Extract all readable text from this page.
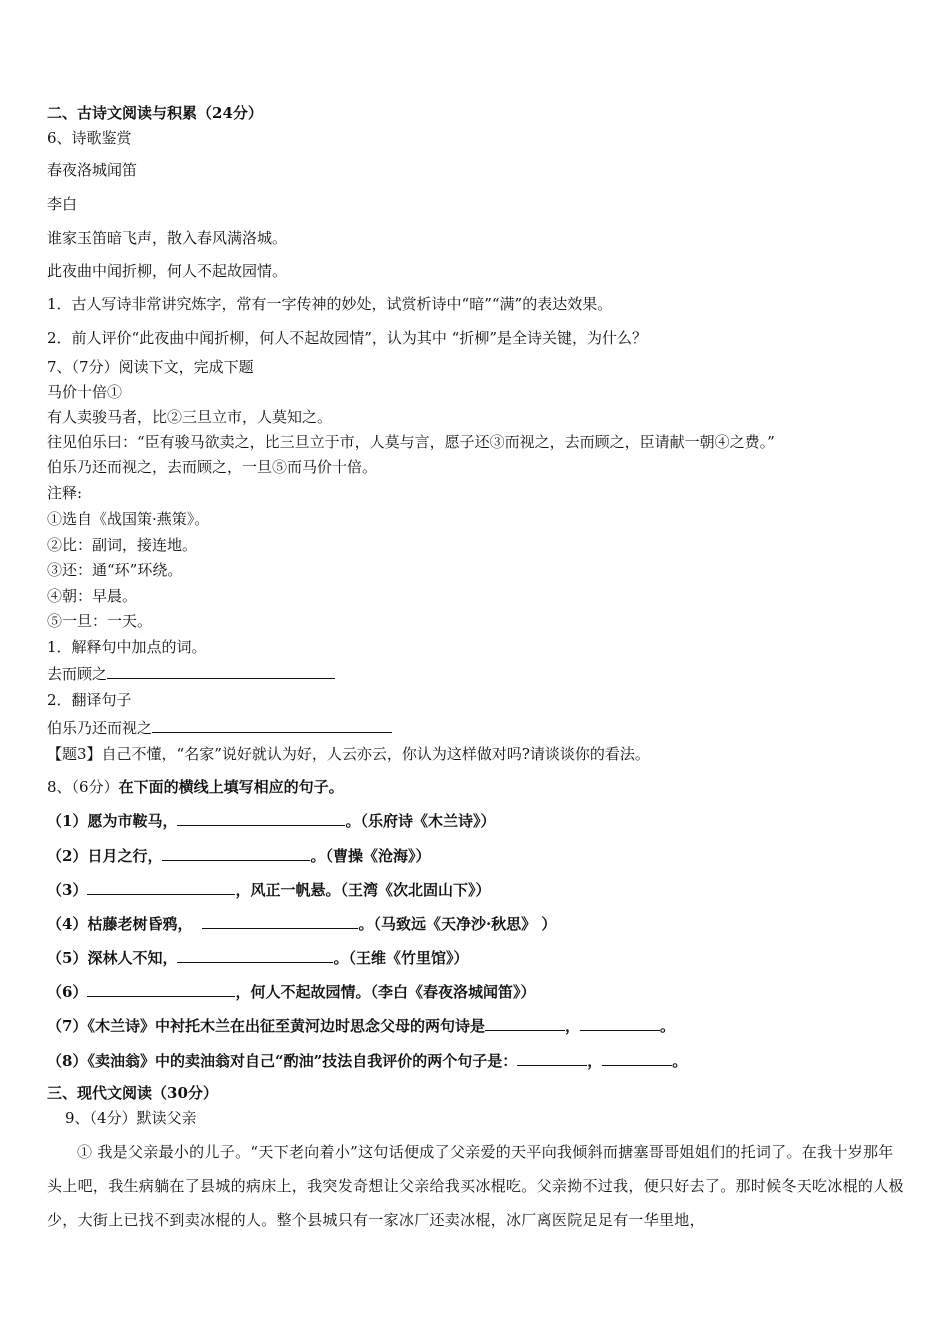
二、古诗文阅读与积累（24分）
6、诗歌鉴赏
春夜洛城闻笛
李白
谁家玉笛暗飞声，散入春风满洛城。
此夜曲中闻折柳，何人不起故园情。
1．古人写诗非常讲究炼字，常有一字传神的妙处，试赏析诗中“暗”“满”的表达效果。
2．前人评价“此夜曲中闻折柳，何人不起故园情”，认为其中 “折柳”是全诗关键，为什么？
7、（7分）阅读下文，完成下题
马价十倍①
有人卖骏马者，比②三旦立市，人莫知之。
往见伯乐曰：“臣有骏马欲卖之，比三旦立于市，人莫与言，愿子还③而视之，去而顾之，臣请献一朝④之费。”
伯乐乃还而视之，去而顾之，一旦⑤而马价十倍。
注释:
①选自《战国策·燕策》。
②比：副词，接连地。
③还：通“环”环绕。
④朝：早晨。
⑤一旦：一天。
1．解释句中加点的词。
去而顾之
2．翻译句子
伯乐乃还而视之
【题3】自己不懂，“名家”说好就认为好，人云亦云，你认为这样做对吗?请谈谈你的看法。
8、（6分）在下面的横线上填写相应的句子。
（1）愿为市鞍马，	。（乐府诗《木兰诗》）
（2）日月之行，	。（曹操《沧海》）
（3）	，风正一帆悬。（王湾《次北固山下》）
（4）枯藤老树昏鸦，	。（马致远《天净沙·秋思》 ）
（5）深林人不知，	。（王维《竹里馆》）
（6）	，何人不起故园情。（李白《春夜洛城闻笛》）
（7）《木兰诗》中衬托木兰在出征至黄河边时思念父母的两句诗是	，	。
（8）《卖油翁》中的卖油翁对自己“酌油”技法自我评价的两个句子是：	，	。
三、现代文阅读（30分）
9、（4分）默读父亲
① 我是父亲最小的儿子。“天下老向着小”这句话便成了父亲爱的天平向我倾斜而搪塞哥哥姐姐们的托词了。在我十岁那年头上吧，我生病躺在了县城的病床上，我突发奇想让父亲给我买冰棍吃。父亲拗不过我，便只好去了。那时候冬天吃冰棍的人极少，大街上已找不到卖冰棍的人。整个县城只有一家冰厂还卖冰棍，冰厂离医院足足有一华里地，
